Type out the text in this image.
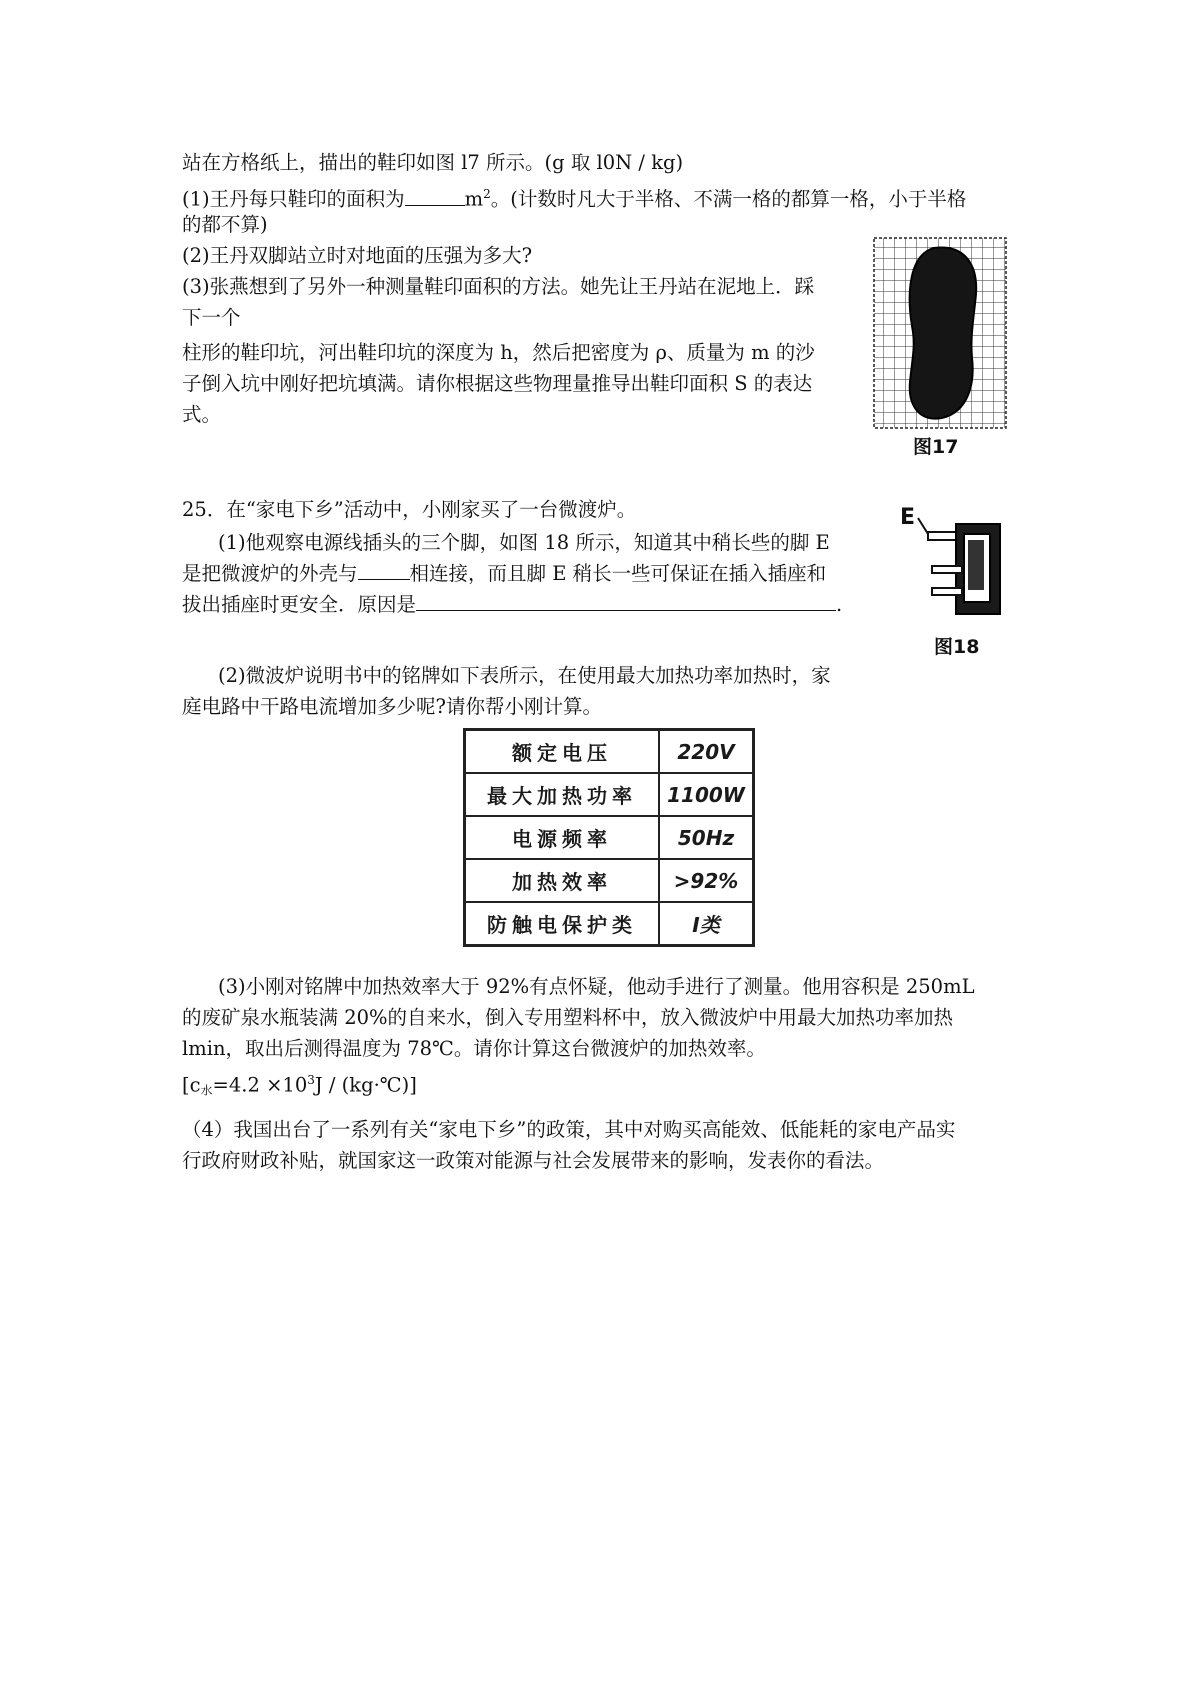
站在方格纸上，描出的鞋印如图 l7 所示。(g 取 l0N / kg)
(1)王丹每只鞋印的面积为	$m^2$。(计数时凡大于半格、不满一格的都算一格，小于半格
的都不算)
(2)王丹双脚站立时对地面的压强为多大?
(3)张燕想到了另外一种测量鞋印面积的方法。她先让王丹站在泥地上．踩
下一个
柱形的鞋印坑，河出鞋印坑的深度为 h，然后把密度为 ρ、质量为 m 的沙
子倒入坑中刚好把坑填满。请你根据这些物理量推导出鞋印面积 S 的表达
式。
图17
25．在“家电下乡”活动中，小刚家买了一台微渡炉。
(1)他观察电源线插头的三个脚，如图 18 所示，知道其中稍长些的脚 E
是把微渡炉的外壳与	相连接，而且脚 E 稍长一些可保证在插入插座和
拔出插座时更安全．原因是	.
E
图18
(2)微波炉说明书中的铭牌如下表所示，在使用最大加热功率加热时，家
庭电路中干路电流增加多少呢?请你帮小刚计算。
额定电压	220V
最大加热功率	1100W
电源频率	50Hz
加热效率	>92%
防触电保护类	Ⅰ类
(3)小刚对铭牌中加热效率大于 92%有点怀疑，他动手进行了测量。他用容积是 250mL
的废矿泉水瓶装满 20%的自来水，倒入专用塑料杯中，放入微波炉中用最大加热功率加热
lmin，取出后测得温度为 78℃。请你计算这台微渡炉的加热效率。
[$c_水=4.2 \times 10^3J$ / (kg·℃)]
（4）我国出台了一系列有关“家电下乡”的政策，其中对购买高能效、低能耗的家电产品实
行政府财政补贴，就国家这一政策对能源与社会发展带来的影响，发表你的看法。
